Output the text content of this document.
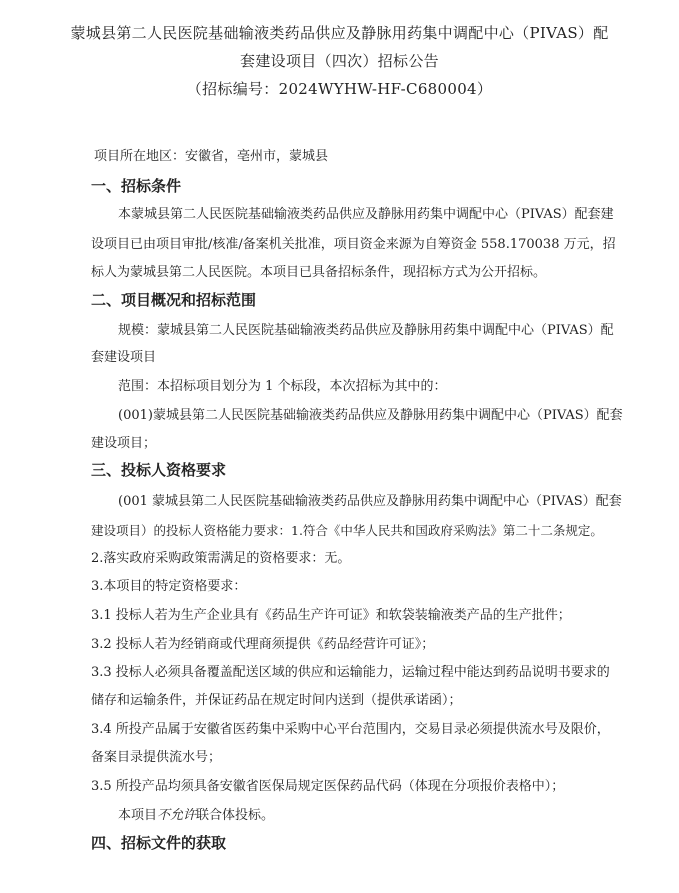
蒙城县第二人民医院基础输液类药品供应及静脉用药集中调配中心（PIVAS）配
套建设项目（四次）招标公告
（招标编号：2024WYHW-HF-C680004）
项目所在地区：安徽省，亳州市，蒙城县
一、招标条件
本蒙城县第二人民医院基础输液类药品供应及静脉用药集中调配中心（PIVAS）配套建
设项目已由项目审批/核准/备案机关批准，项目资金来源为自筹资金 558.170038 万元，招
标人为蒙城县第二人民医院。本项目已具备招标条件，现招标方式为公开招标。
二、项目概况和招标范围
规模：蒙城县第二人民医院基础输液类药品供应及静脉用药集中调配中心（PIVAS）配
套建设项目
范围：本招标项目划分为 1 个标段，本次招标为其中的：
(001)蒙城县第二人民医院基础输液类药品供应及静脉用药集中调配中心（PIVAS）配套
建设项目；
三、投标人资格要求
(001 蒙城县第二人民医院基础输液类药品供应及静脉用药集中调配中心（PIVAS）配套
建设项目）的投标人资格能力要求：1.符合《中华人民共和国政府采购法》第二十二条规定。
2.落实政府采购政策需满足的资格要求：无。
3.本项目的特定资格要求：
3.1 投标人若为生产企业具有《药品生产许可证》和软袋装输液类产品的生产批件；
3.2 投标人若为经销商或代理商须提供《药品经营许可证》；
3.3 投标人必须具备覆盖配送区域的供应和运输能力，运输过程中能达到药品说明书要求的
储存和运输条件，并保证药品在规定时间内送到（提供承诺函）；
3.4 所投产品属于安徽省医药集中采购中心平台范围内，交易目录必须提供流水号及限价，
备案目录提供流水号；
3.5 所投产品均须具备安徽省医保局规定医保药品代码（体现在分项报价表格中）；
本项目不允许联合体投标。
四、招标文件的获取
